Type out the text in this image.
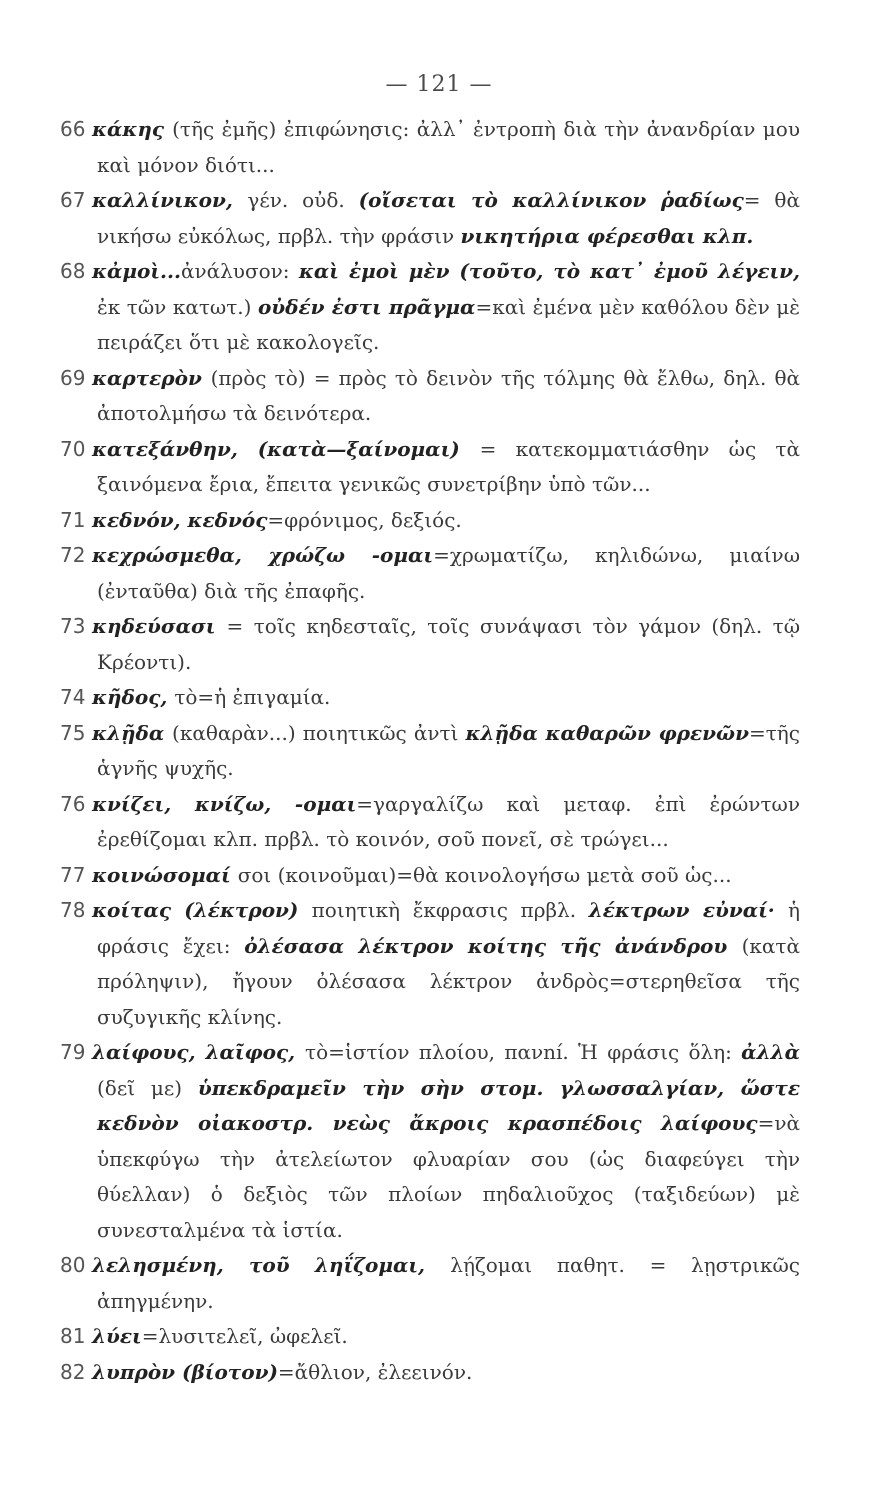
— 121 —

66 κάκης (τῆς ἐμῆς) ἐπιφώνησις: ἀλλ᾽ ἐντροπὴ διὰ τὴν ἀνανδρίαν μου καὶ μόνον διότι...
67 καλλίνικον, γέν. οὐδ. (οἴσεται τὸ καλλίνικον ῥαδίως= θὰ νικήσω εὐκόλως, πρβλ. τὴν φράσιν νικητήρια φέρεσθαι κλπ.
68 κἀμοὶ...ἀνάλυσον: καὶ ἐμοὶ μὲν (τοῦτο, τὸ κατ᾽ ἐμοῦ λέγειν, ἐκ τῶν κατωτ.) οὐδέν ἐστι πρᾶγμα=καὶ ἐμένα μὲν καθόλου δὲν μὲ πειράζει ὅτι μὲ κακολογεῖς.
69 καρτερὸν (πρὸς τὸ) = πρὸς τὸ δεινὸν τῆς τόλμης θὰ ἔλθω, δηλ. θὰ ἀποτολμήσω τὰ δεινότερα.
70 κατεξάνθην, (κατὰ—ξαίνομαι) = κατεκομματιάσθην ὡς τὰ ξαινόμενα ἔρια, ἔπειτα γενικῶς συνετρίβην ὑπὸ τῶν...
71 κεδνόν, κεδνός=φρόνιμος, δεξιός.
72 κεχρώσμεθα, χρώζω -ομαι=χρωματίζω, κηλιδώνω, μιαίνω (ἐνταῦθα) διὰ τῆς ἐπαφῆς.
73 κηδεύσασι = τοῖς κηδεσταῖς, τοῖς συνάψασι τὸν γάμον (δηλ. τῷ Κρέοντι).
74 κῆδος, τὸ=ἡ ἐπιγαμία.
75 κλῇδα (καθαρὰν...) ποιητικῶς ἀντὶ κλῇδα καθαρῶν φρενῶν=τῆς ἁγνῆς ψυχῆς.
76 κνίζει, κνίζω, -ομαι=γαργαλίζω καὶ μεταφ. ἐπὶ ἐρώντων ἐρεθίζομαι κλπ. πρβλ. τὸ κοινόν, σοῦ πονεῖ, σὲ τρώγει...
77 κοινώσομαί σοι (κοινοῦμαι)=θὰ κοινολογήσω μετὰ σοῦ ὡς...
78 κοίτας (λέκτρον) ποιητικὴ ἔκφρασις πρβλ. λέκτρων εὐναί· ἡ φράσις ἔχει: ὀλέσασα λέκτρον κοίτης τῆς ἀνάνδρου (κατὰ πρόληψιν), ἤγουν ὀλέσασα λέκτρον ἀνδρὸς=στερηθεῖσα τῆς συζυγικῆς κλίνης.
79 λαίφους, λαῖφος, τὸ=ἱστίον πλοίου, πανní. Ἡ φράσις ὅλη: ἀλλὰ (δεῖ με) ὑπεκδραμεῖν τὴν σὴν στομ. γλωσσαλγίαν, ὥστε κεδνὸν οἰακοστρ. νεὼς ἄκροις κρασπέδοις λαίφους=νὰ ὑπεκφύγω τὴν ἀτελείωτον φλυαρίαν σου (ὡς διαφεύγει τὴν θύελλαν) ὁ δεξιὸς τῶν πλοίων πηδαλιοῦχος (ταξιδεύων) μὲ συνεσταλμένα τὰ ἱστία.
80 λελησμένη, τοῦ ληΐζομαι, λῄζομαι παθητ. = λῃστρικῶς ἀπηγμένην.
81 λύει=λυσιτελεῖ, ὠφελεῖ.
82 λυπρὸν (βίοτον)=ἄθλιον, ἐλεεινόν.
